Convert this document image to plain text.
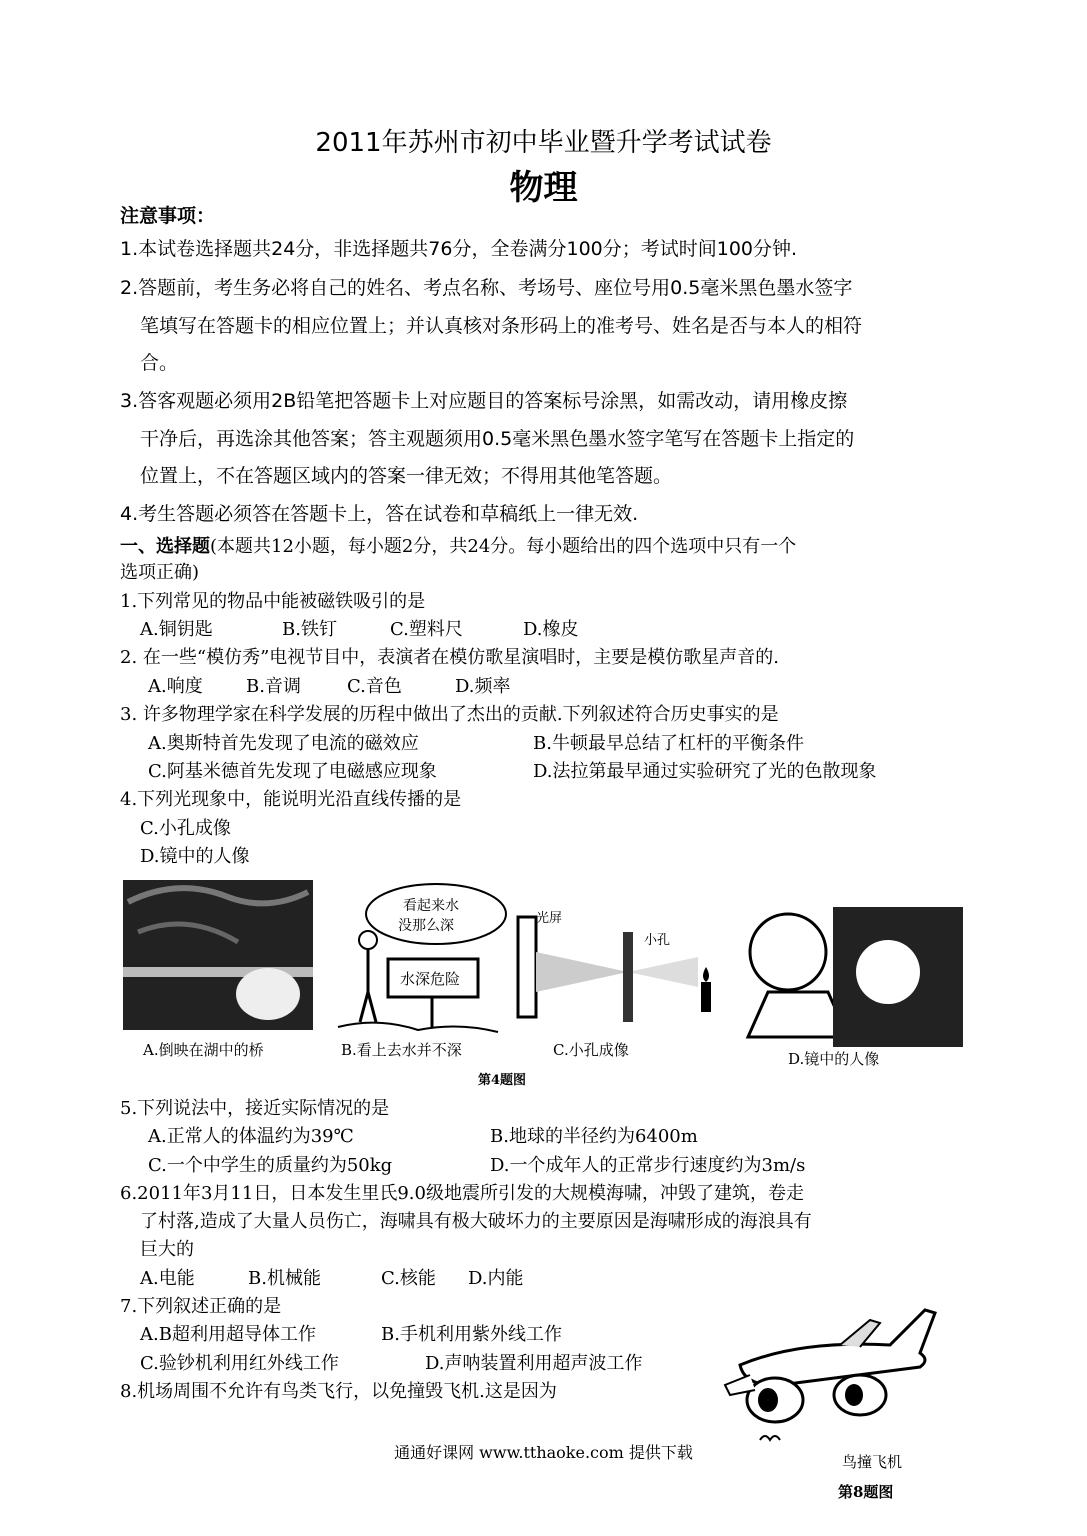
2011年苏州市初中毕业暨升学考试试卷
物理
注意事项：
1.本试卷选择题共24分，非选择题共76分，全卷满分100分；考试时间100分钟.
2.答题前，考生务必将自己的姓名、考点名称、考场号、座位号用0.5毫米黑色墨水签字
笔填写在答题卡的相应位置上；并认真核对条形码上的准考号、姓名是否与本人的相符
合。
3.答客观题必须用2B铅笔把答题卡上对应题目的答案标号涂黑，如需改动，请用橡皮擦
干净后，再选涂其他答案；答主观题须用0.5毫米黑色墨水签字笔写在答题卡上指定的
位置上，不在答题区域内的答案一律无效；不得用其他笔答题。
4.考生答题必须答在答题卡上，答在试卷和草稿纸上一律无效.
一、选择题(本题共12小题，每小题2分，共24分。每小题给出的四个选项中只有一个
选项正确)
1.下列常见的物品中能被磁铁吸引的是
A.铜钥匙	B.铁钉	C.塑料尺	D.橡皮
2. 在一些“模仿秀”电视节目中，表演者在模仿歌星演唱时，主要是模仿歌星声音的.
A.响度 B.音调	C.音色	D.频率
3. 许多物理学家在科学发展的历程中做出了杰出的贡献.下列叙述符合历史事实的是
A.奥斯特首先发现了电流的磁效应	B.牛顿最早总结了杠杆的平衡条件
C.阿基米德首先发现了电磁感应现象	D.法拉第最早通过实验研究了光的色散现象
4.下列光现象中，能说明光沿直线传播的是
C.小孔成像
D.镜中的人像
看起来水
没那么深
水深危险
光屏
小孔
A.倒映在湖中的桥	B.看上去水并不深	C.小孔成像	D.镜中的人像
第4题图
5.下列说法中，接近实际情况的是
A.正常人的体温约为39℃	B.地球的半径约为6400m
C.一个中学生的质量约为50kg	D.一个成年人的正常步行速度约为3m/s
6.2011年3月11日，日本发生里氏9.0级地震所引发的大规模海啸，冲毁了建筑，卷走
了村落,造成了大量人员伤亡，海啸具有极大破坏力的主要原因是海啸形成的海浪具有
巨大的
A.电能	B.机械能	C.核能 D.内能
7.下列叙述正确的是
A.B超利用超导体工作	B.手机利用紫外线工作
C.验钞机利用红外线工作	D.声呐装置利用超声波工作
8.机场周围不允许有鸟类飞行，以免撞毁飞机.这是因为
鸟撞飞机
第8题图
通通好课网 www.tthaoke.com 提供下载
